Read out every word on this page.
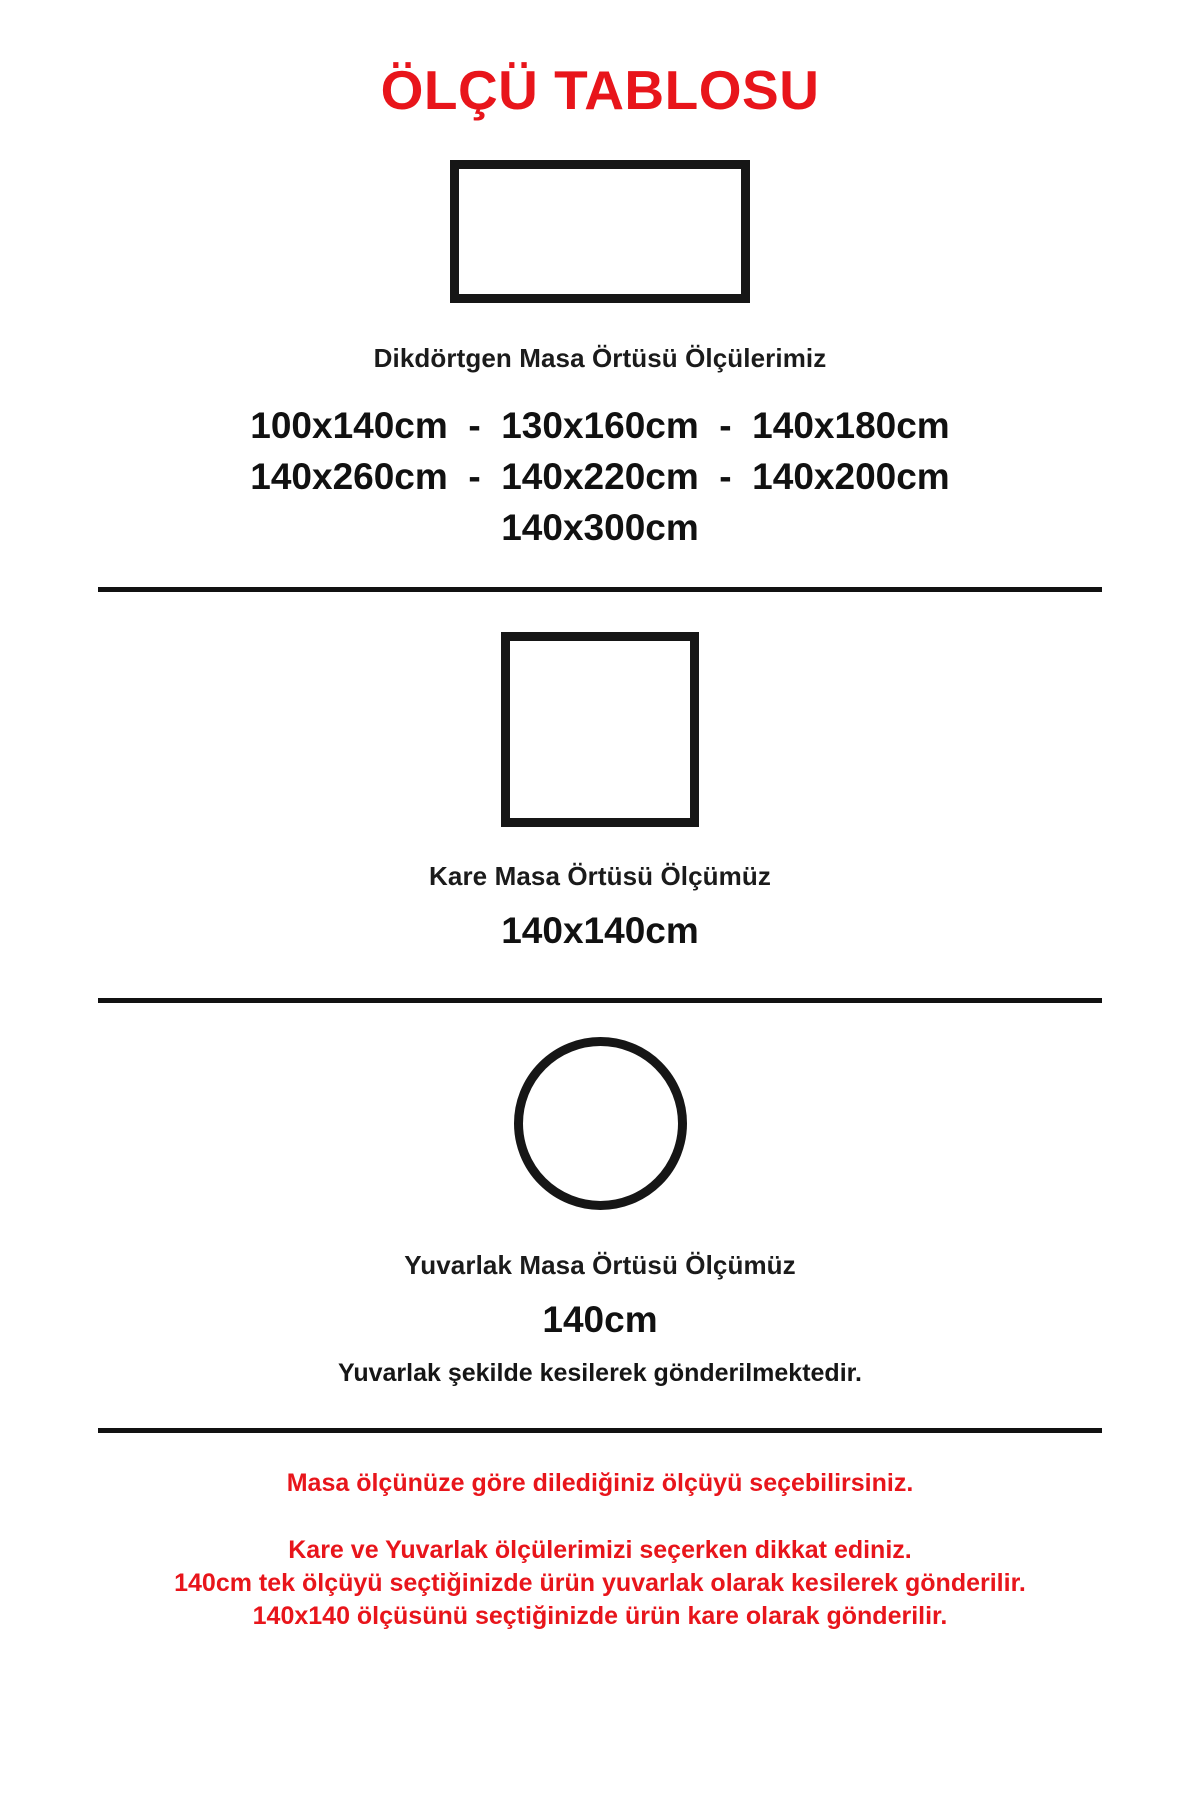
ÖLÇÜ TABLOSU
Dikdörtgen Masa Örtüsü Ölçülerimiz
100x140cm  -  130x160cm  -  140x180cm
140x260cm  -  140x220cm  -  140x200cm
140x300cm
Kare Masa Örtüsü Ölçümüz
140x140cm
Yuvarlak Masa Örtüsü Ölçümüz
140cm
Yuvarlak şekilde kesilerek gönderilmektedir.
Masa ölçünüze göre dilediğiniz ölçüyü seçebilirsiniz.
Kare ve Yuvarlak ölçülerimizi seçerken dikkat ediniz.
140cm tek ölçüyü seçtiğinizde ürün yuvarlak olarak kesilerek gönderilir.
140x140 ölçüsünü seçtiğinizde ürün kare olarak gönderilir.
